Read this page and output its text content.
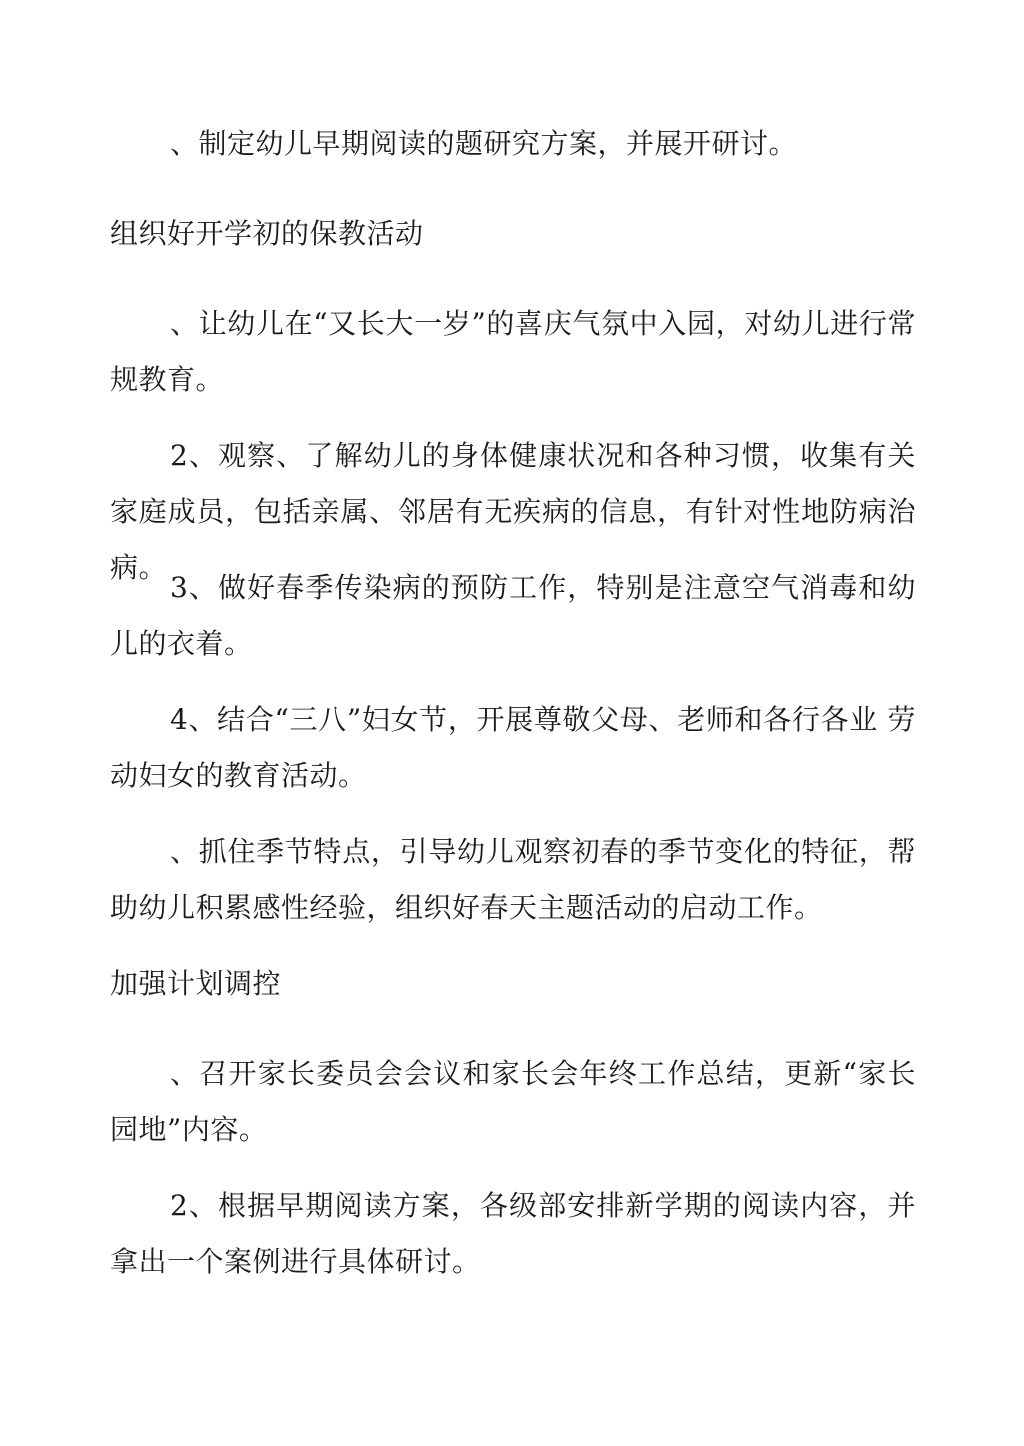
、制定幼儿早期阅读的题研究方案，并展开研讨。

组织好开学初的保教活动

、让幼儿在“又长大一岁”的喜庆气氛中入园，对幼儿进行常规教育。

2、观察、了解幼儿的身体健康状况和各种习惯，收集有关 家庭成员，包括亲属、邻居有无疾病的信息，有针对性地防病治 病。

3、做好春季传染病的预防工作，特别是注意空气消毒和幼 儿的衣着。

4、结合“三八”妇女节，开展尊敬父母、老师和各行各业 劳动妇女的教育活动。

、抓住季节特点，引导幼儿观察初春的季节变化的特征，帮助幼儿积累感性经验，组织好春天主题活动的启动工作。

加强计划调控

、召开家长委员会会议和家长会年终工作总结，更新“家长园地”内容。

2、根据早期阅读方案，各级部安排新学期的阅读内容，并 拿出一个案例进行具体研讨。
